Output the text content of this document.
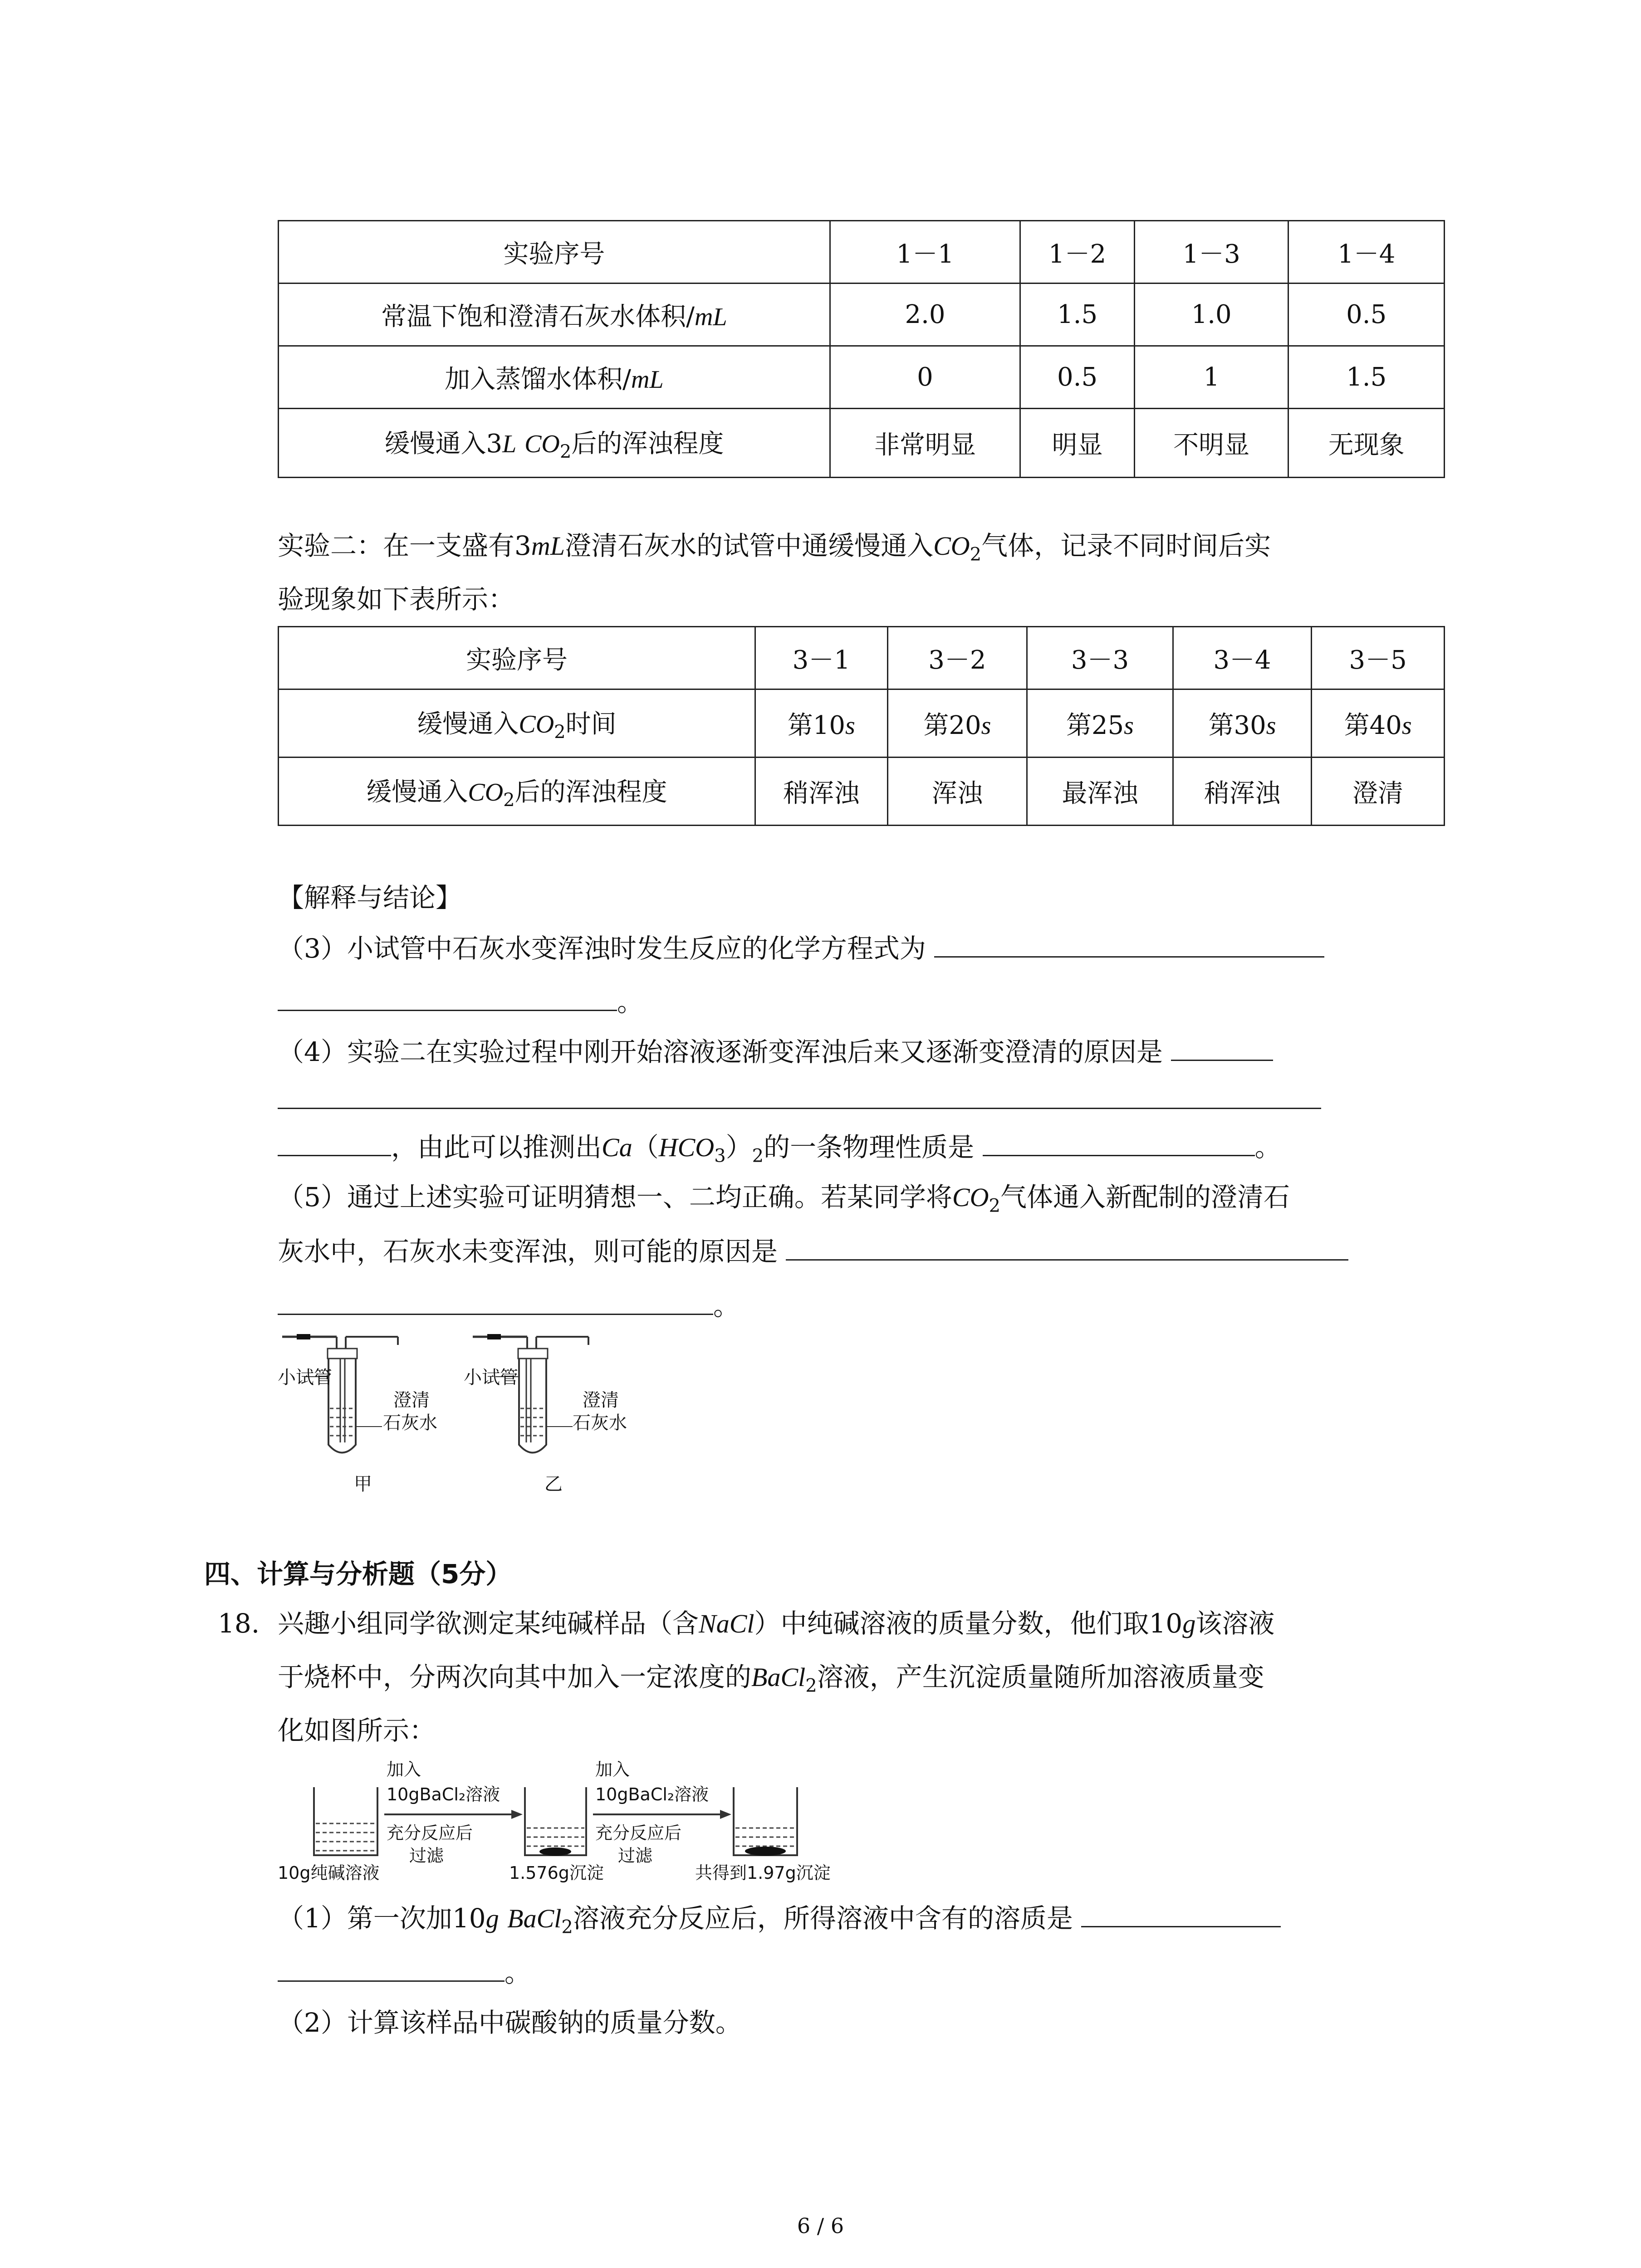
实验序号	1－1	1－2	1－3	1－4
常温下饱和澄清石灰水体积/mL	2.0	1.5	1.0	0.5
加入蒸馏水体积/mL	0	0.5	1	1.5
缓慢通入3L $CO_2$后的浑浊程度	非常明显	明显	不明显	无现象
实验二：在一支盛有3mL澄清石灰水的试管中通缓慢通入$CO_2$气体，记录不同时间后实
验现象如下表所示：
实验序号	3－1	3－2	3－3	3－4	3－5
缓慢通入$CO_2$时间	第10s	第20s	第25s	第30s	第40s
缓慢通入$CO_2$后的浑浊程度	稍浑浊	浑浊	最浑浊	稍浑浊	澄清
【解释与结论】
（3）小试管中石灰水变浑浊时发生反应的化学方程式为
。
（4）实验二在实验过程中刚开始溶液逐渐变浑浊后来又逐渐变澄清的原因是
，由此可以推测出$Ca(HCO_3)_2$的一条物理性质是	。
（5）通过上述实验可证明猜想一、二均正确。若某同学将$CO_2$气体通入新配制的澄清石
灰水中，石灰水未变浑浊，则可能的原因是
。
小试管
澄清
石灰水
甲
小试管
澄清
石灰水
乙
四、计算与分析题（5分）
18. 兴趣小组同学欲测定某纯碱样品（含NaCl）中纯碱溶液的质量分数，他们取10g该溶液
于烧杯中，分两次向其中加入一定浓度的BaCl$_2$溶液，产生沉淀质量随所加溶液质量变
化如图所示：
加入
10gBaCl₂溶液
充分反应后
过滤
加入
10gBaCl₂溶液
充分反应后
过滤
10g纯碱溶液	1.576g沉淀	共得到1.97g沉淀
（1）第一次加10g BaCl$_2$溶液充分反应后，所得溶液中含有的溶质是
。
（2）计算该样品中碳酸钠的质量分数。
6 / 6
